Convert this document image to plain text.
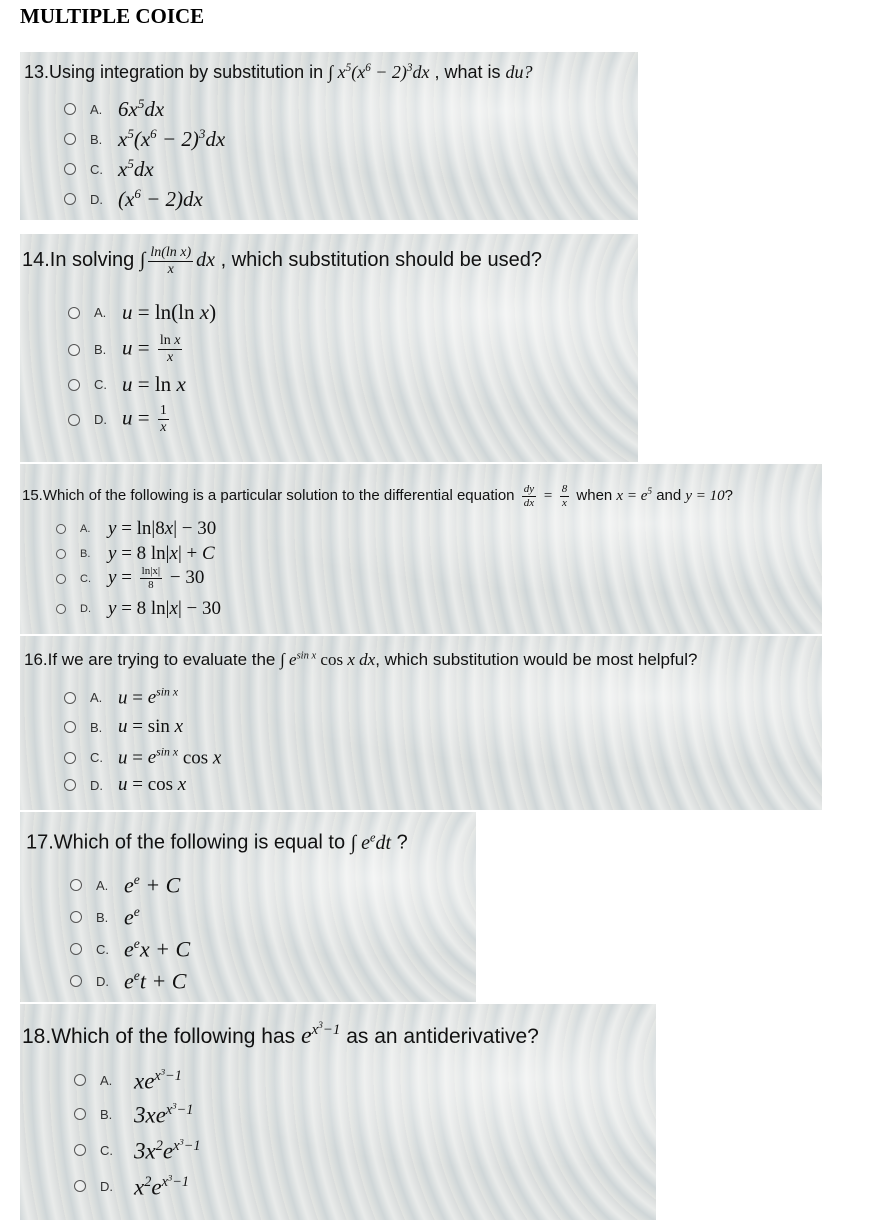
MULTIPLE COICE
13.Using integration by substitution in ∫ $x^5(x^6 - 2)^3dx$ , what is du?
A. $6x^5dx$
B. $x^5(x^6 - 2)^3dx$
C. $x^5dx$
D. $(x^6 - 2)dx$
14.In solving ∫ $\frac{\text{ln(ln x)}}{x}$ dx , which substitution should be used?
A. u = ln(ln x)
B. $u = \frac{\text{ln x}}{x}$
C. u = ln x
D. $u = \frac{1}{x}$
15.Which of the following is a particular solution to the differential equation $\frac{dy}{dx} = \frac{8}{x}$ when $x = e^5$ and y = 10?
A. y = ln|8x| − 30
B. y = 8 ln|x| + C
C. $y = \frac{\ln|x|}{8} - 30$
D. y = 8 ln|x| − 30
16.If we are trying to evaluate the ∫ $e^{sin x}$ cos x dx, which substitution would be most helpful?
A. $u = e^{sin x}$
B. u = sin x
C. $u = e^{sin x}$ cos x
D. u = cos x
17.Which of the following is equal to ∫ $e^edt$ ?
A. $e^e + C$
B. $e^e$
C. $e^ex + C$
D. $e^et + C$
18.Which of the following has $e^{x^3-1}$ as an antiderivative?
A. $xe^{x^3-1}$
B. $3xe^{x^3-1}$
C. $3x^2e^{x^3-1}$
D. $x^2e^{x^3-1}$
